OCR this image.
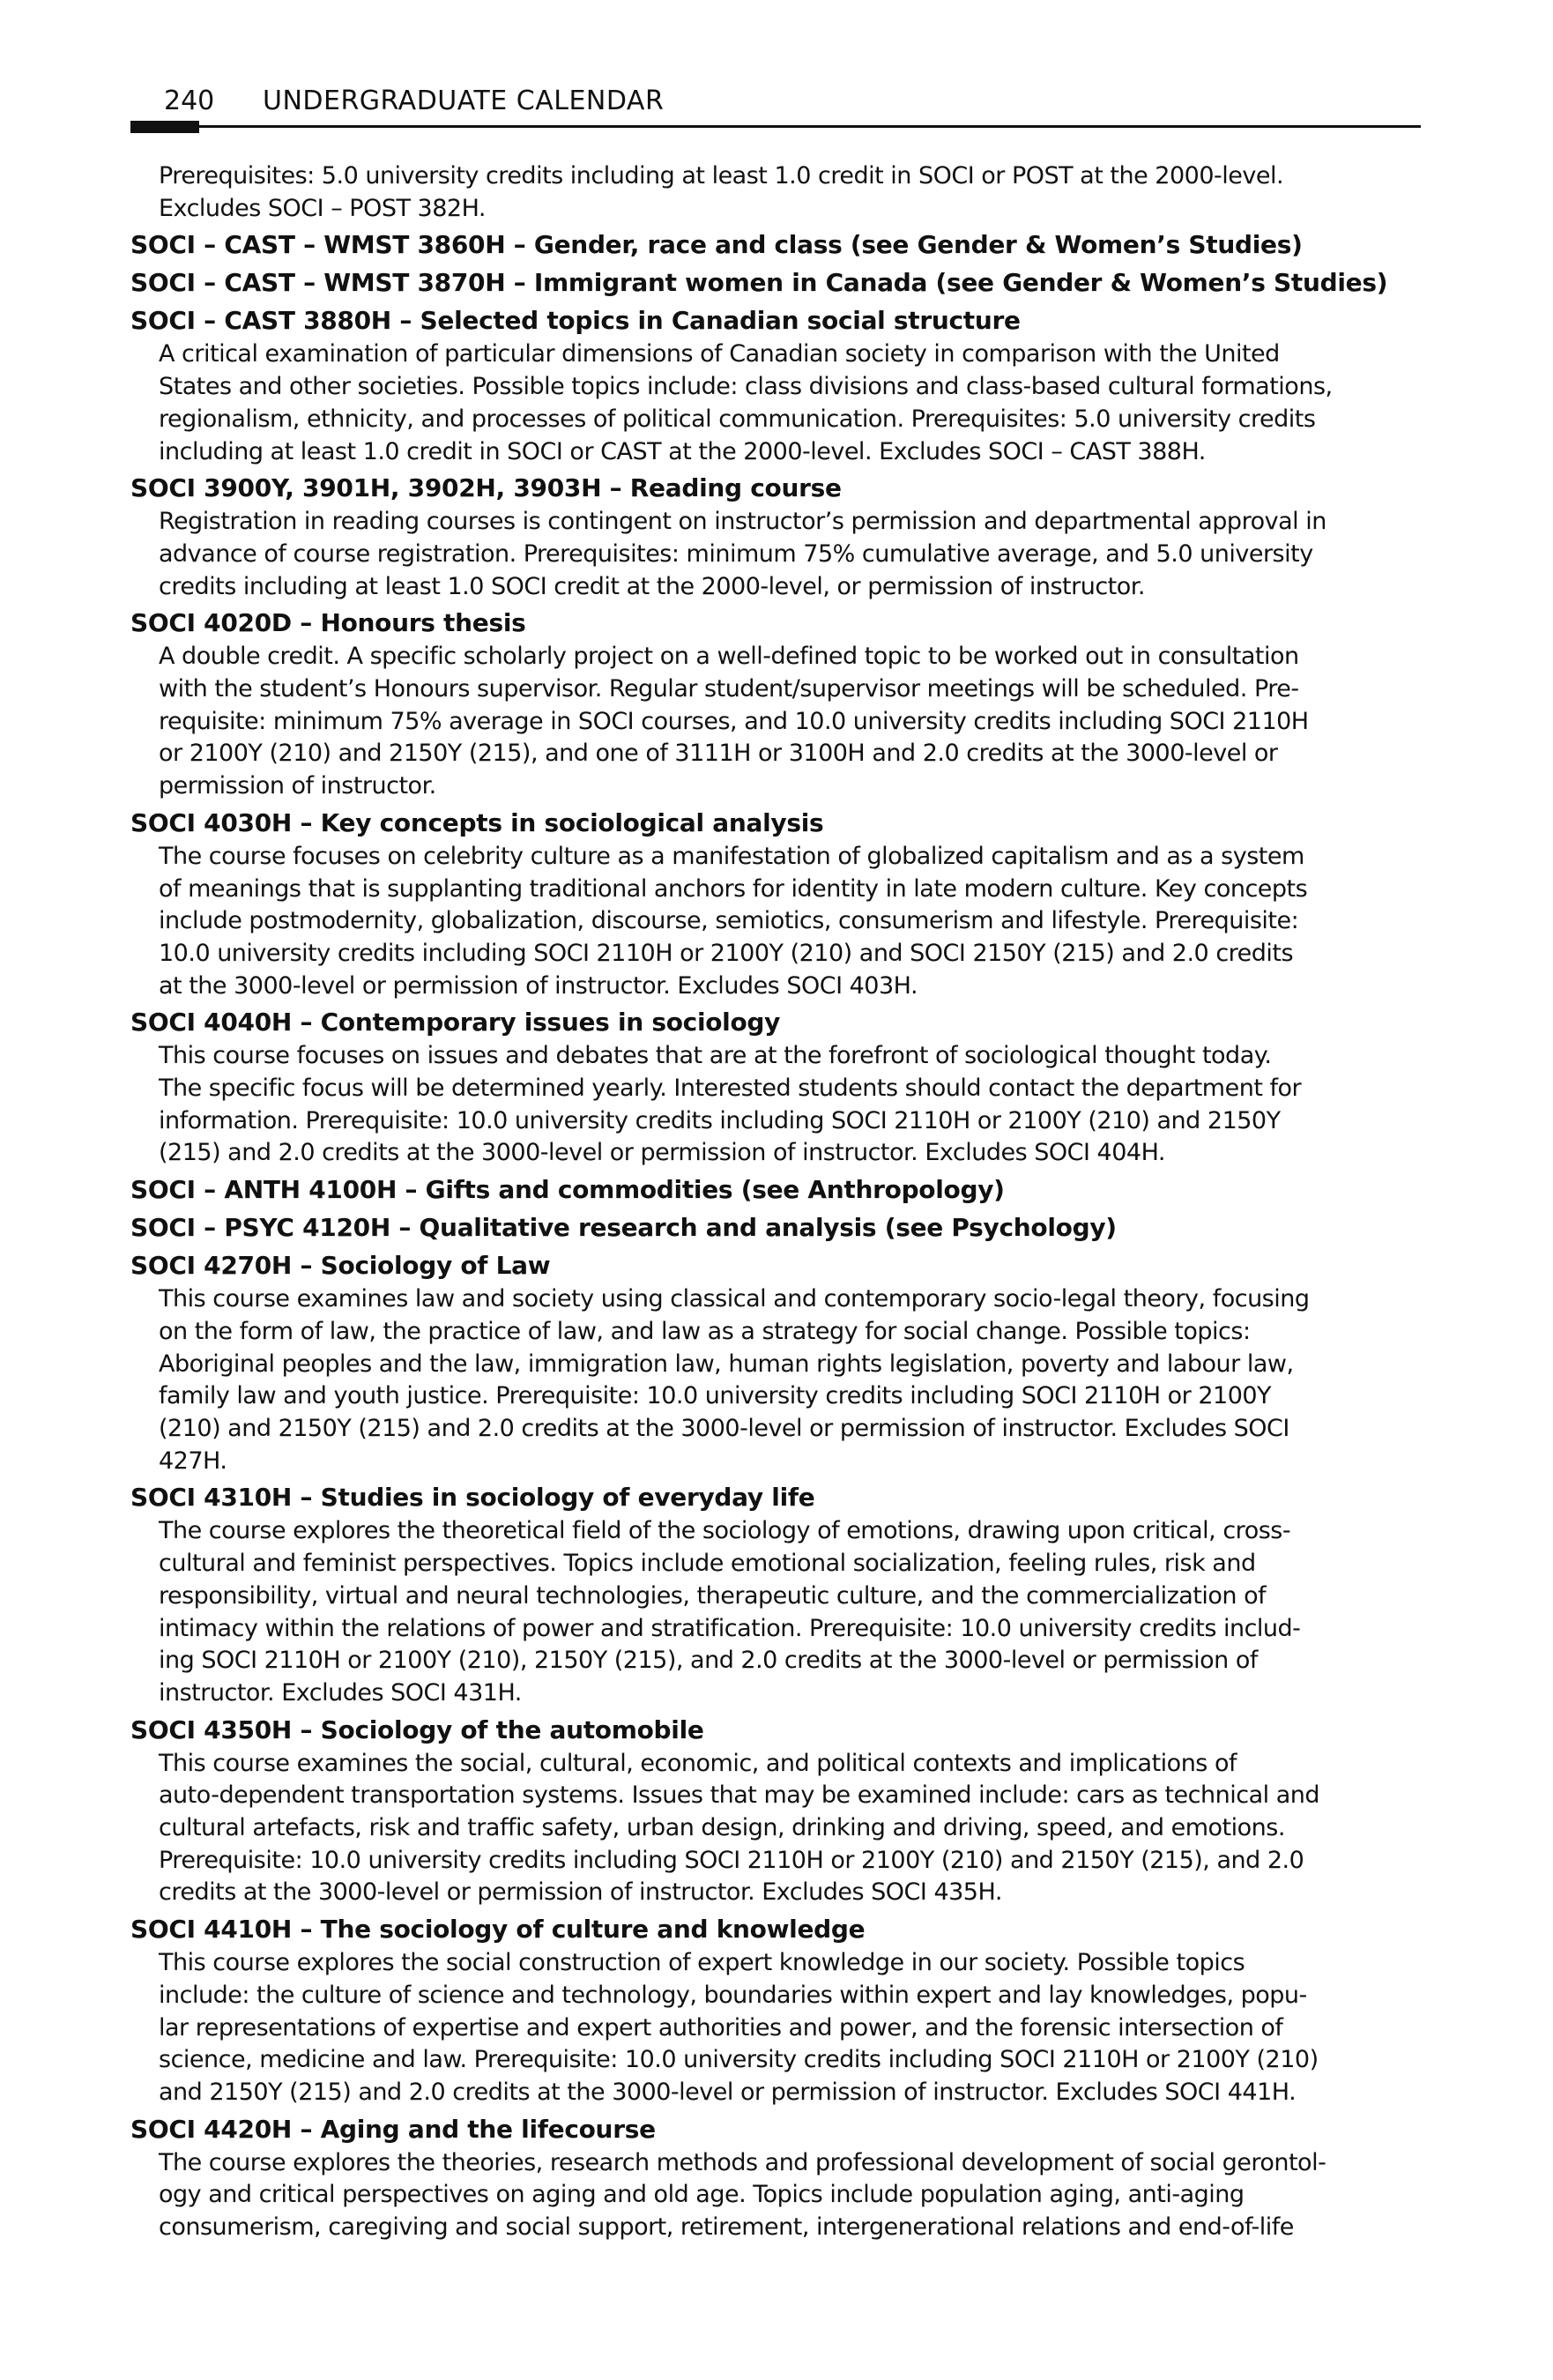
240 UNDERGRADUATE CALENDAR
Prerequisites: 5.0 university credits including at least 1.0 credit in SOCI or POST at the 2000-level.
Excludes SOCI – POST 382H.
SOCI – CAST – WMST 3860H – Gender, race and class (see Gender & Women’s Studies)
SOCI – CAST – WMST 3870H – Immigrant women in Canada (see Gender & Women’s Studies)
SOCI – CAST 3880H – Selected topics in Canadian social structure
A critical examination of particular dimensions of Canadian society in comparison with the United
States and other societies. Possible topics include: class divisions and class-based cultural formations,
regionalism, ethnicity, and processes of political communication. Prerequisites: 5.0 university credits
including at least 1.0 credit in SOCI or CAST at the 2000-level. Excludes SOCI – CAST 388H.
SOCI 3900Y, 3901H, 3902H, 3903H – Reading course
Registration in reading courses is contingent on instructor’s permission and departmental approval in
advance of course registration. Prerequisites: minimum 75% cumulative average, and 5.0 university
credits including at least 1.0 SOCI credit at the 2000-level, or permission of instructor.
SOCI 4020D – Honours thesis
A double credit. A specific scholarly project on a well-defined topic to be worked out in consultation
with the student’s Honours supervisor. Regular student/supervisor meetings will be scheduled. Pre-
requisite: minimum 75% average in SOCI courses, and 10.0 university credits including SOCI 2110H
or 2100Y (210) and 2150Y (215), and one of 3111H or 3100H and 2.0 credits at the 3000-level or
permission of instructor.
SOCI 4030H – Key concepts in sociological analysis
The course focuses on celebrity culture as a manifestation of globalized capitalism and as a system
of meanings that is supplanting traditional anchors for identity in late modern culture. Key concepts
include postmodernity, globalization, discourse, semiotics, consumerism and lifestyle. Prerequisite:
10.0 university credits including SOCI 2110H or 2100Y (210) and SOCI 2150Y (215) and 2.0 credits
at the 3000-level or permission of instructor. Excludes SOCI 403H.
SOCI 4040H – Contemporary issues in sociology
This course focuses on issues and debates that are at the forefront of sociological thought today.
The specific focus will be determined yearly. Interested students should contact the department for
information. Prerequisite: 10.0 university credits including SOCI 2110H or 2100Y (210) and 2150Y
(215) and 2.0 credits at the 3000-level or permission of instructor. Excludes SOCI 404H.
SOCI – ANTH 4100H – Gifts and commodities (see Anthropology)
SOCI – PSYC 4120H – Qualitative research and analysis (see Psychology)
SOCI 4270H – Sociology of Law
This course examines law and society using classical and contemporary socio-legal theory, focusing
on the form of law, the practice of law, and law as a strategy for social change. Possible topics:
Aboriginal peoples and the law, immigration law, human rights legislation, poverty and labour law,
family law and youth justice. Prerequisite: 10.0 university credits including SOCI 2110H or 2100Y
(210) and 2150Y (215) and 2.0 credits at the 3000-level or permission of instructor. Excludes SOCI
427H.
SOCI 4310H – Studies in sociology of everyday life
The course explores the theoretical field of the sociology of emotions, drawing upon critical, cross-
cultural and feminist perspectives. Topics include emotional socialization, feeling rules, risk and
responsibility, virtual and neural technologies, therapeutic culture, and the commercialization of
intimacy within the relations of power and stratification. Prerequisite: 10.0 university credits includ-
ing SOCI 2110H or 2100Y (210), 2150Y (215), and 2.0 credits at the 3000-level or permission of
instructor. Excludes SOCI 431H.
SOCI 4350H – Sociology of the automobile
This course examines the social, cultural, economic, and political contexts and implications of
auto-dependent transportation systems. Issues that may be examined include: cars as technical and
cultural artefacts, risk and traffic safety, urban design, drinking and driving, speed, and emotions.
Prerequisite: 10.0 university credits including SOCI 2110H or 2100Y (210) and 2150Y (215), and 2.0
credits at the 3000-level or permission of instructor. Excludes SOCI 435H.
SOCI 4410H – The sociology of culture and knowledge
This course explores the social construction of expert knowledge in our society. Possible topics
include: the culture of science and technology, boundaries within expert and lay knowledges, popu-
lar representations of expertise and expert authorities and power, and the forensic intersection of
science, medicine and law. Prerequisite: 10.0 university credits including SOCI 2110H or 2100Y (210)
and 2150Y (215) and 2.0 credits at the 3000-level or permission of instructor. Excludes SOCI 441H.
SOCI 4420H – Aging and the lifecourse
The course explores the theories, research methods and professional development of social gerontol-
ogy and critical perspectives on aging and old age. Topics include population aging, anti-aging
consumerism, caregiving and social support, retirement, intergenerational relations and end-of-life
